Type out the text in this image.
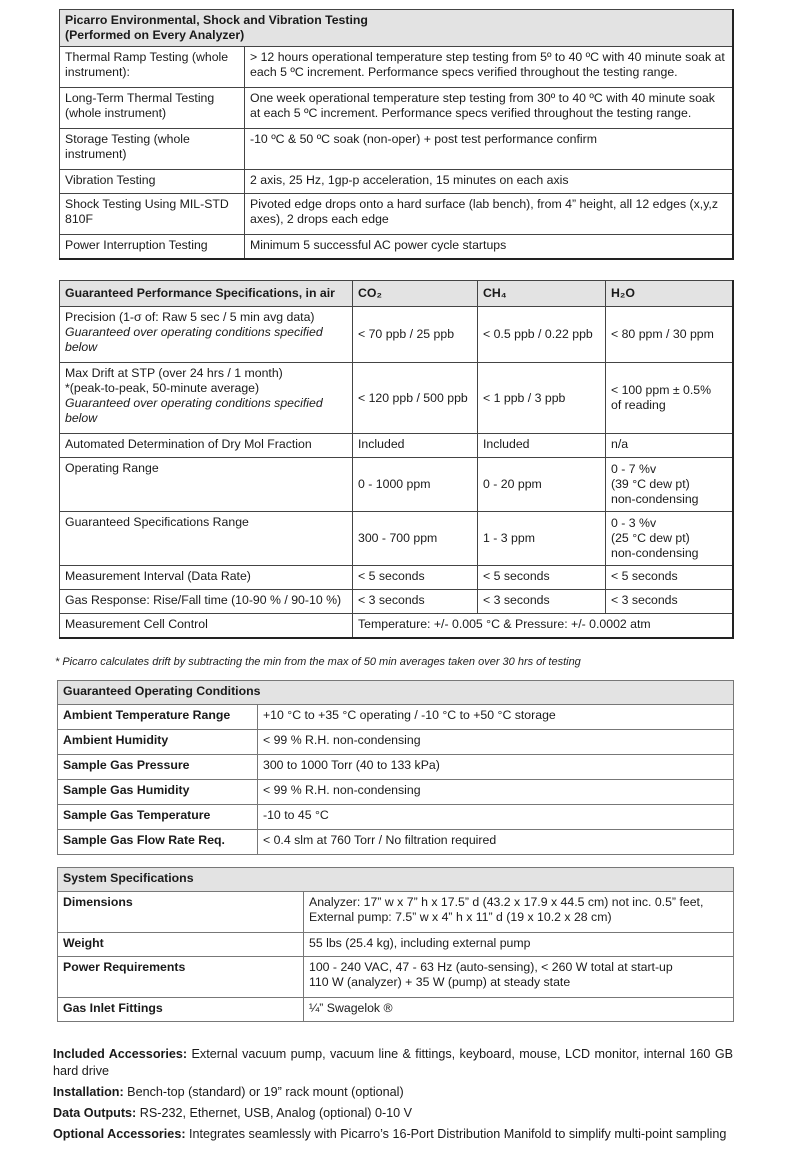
Picarro Environmental, Shock and Vibration Testing
(Performed on Every Analyzer)	

Thermal Ramp Testing (whole instrument):	> 12 hours operational temperature step testing from 5º to 40 ºC with 40 minute soak at each 5 ºC increment. Performance specs verified throughout the testing range.
Long-Term Thermal Testing (whole instrument)	One week operational temperature step testing from 30º to 40 ºC with 40 minute soak at each 5 ºC increment. Performance specs verified throughout the testing range.
Storage Testing (whole instrument)	-10 ºC & 50 ºC soak (non-oper) + post test performance confirm
Vibration Testing	2 axis, 25 Hz, 1gp-p acceleration, 15 minutes on each axis
Shock Testing Using MIL-STD 810F	Pivoted edge drops onto a hard surface (lab bench), from 4” height, all 12 edges (x,y,z axes), 2 drops each edge
Power Interruption Testing	Minimum 5 successful AC power cycle startups
Guaranteed Performance Specifications, in air	CO₂	CH₄	H₂O

Precision (1-σ of: Raw 5 sec / 5 min avg data)
Guaranteed over operating conditions specified below	< 70 ppb / 25 ppb	< 0.5 ppb / 0.22 ppb	< 80 ppm / 30 ppm

Max Drift at STP (over 24 hrs / 1 month)
*(peak-to-peak, 50-minute average)
Guaranteed over operating conditions specified below	< 120 ppb / 500 ppb	< 1 ppb / 3 ppb	< 100 ppm ± 0.5%
of reading

Automated Determination of Dry Mol Fraction	Included	Included	n/a
Operating Range	0 - 1000 ppm	0 - 20 ppm	0 - 7 %v
(39 °C dew pt)
non-condensing

Guaranteed Specifications Range	300 - 700 ppm	1 - 3 ppm	0 - 3 %v
(25 °C dew pt)
non-condensing

Measurement Interval (Data Rate)	< 5 seconds	< 5 seconds	< 5 seconds
Gas Response: Rise/Fall time (10-90 % / 90-10 %)	< 3 seconds	< 3 seconds	< 3 seconds
Measurement Cell Control	Temperature: +/- 0.005 °C & Pressure: +/- 0.0002 atm		
* Picarro calculates drift by subtracting the min from the max of 50 min averages taken over 30 hrs of testing
Guaranteed Operating Conditions	
Ambient Temperature Range	+10 °C to +35 °C operating / -10 °C to +50 °C storage
Ambient Humidity	< 99 % R.H. non-condensing
Sample Gas Pressure	300 to 1000 Torr (40 to 133 kPa)
Sample Gas Humidity	< 99 % R.H. non-condensing
Sample Gas Temperature	-10 to 45 °C
Sample Gas Flow Rate Req.	< 0.4 slm at 760 Torr / No filtration required
System Specifications	
Dimensions	Analyzer: 17” w x 7” h x 17.5” d (43.2 x 17.9 x 44.5 cm) not inc. 0.5” feet,
External pump: 7.5” w x 4” h x 11” d (19 x 10.2 x 28 cm)

Weight	55 lbs (25.4 kg), including external pump
Power Requirements	100 - 240 VAC, 47 - 63 Hz (auto-sensing), < 260 W total at start-up
110 W (analyzer) + 35 W (pump) at steady state

Gas Inlet Fittings	¼” Swagelok ®

Included Accessories: External vacuum pump, vacuum line & fittings, keyboard, mouse, LCD monitor, internal 160 GB hard drive

Installation: Bench-top (standard) or 19” rack mount (optional)

Data Outputs: RS-232, Ethernet, USB, Analog (optional) 0-10 V

Optional Accessories: Integrates seamlessly with Picarro’s 16-Port Distribution Manifold to simplify multi-point sampling
